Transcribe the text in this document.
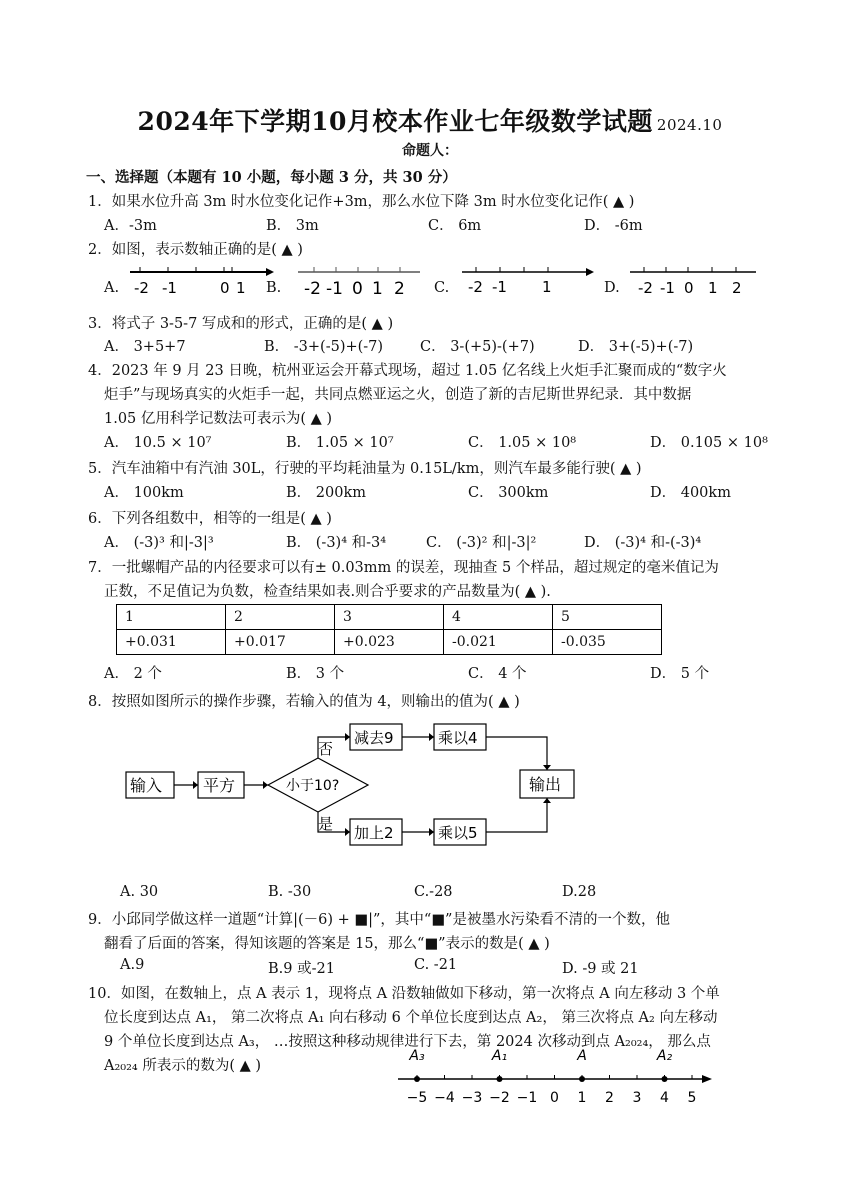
2024年下学期10月校本作业七年级数学试题 2024.10
命题人：
一、选择题（本题有 10 小题，每小题 3 分，共 30 分）
1．如果水位升高 3m 时水位变化记作+3m，那么水位下降 3m 时水位变化记作( ▲ )
A．-3m	B． 3m	C． 6m	D． -6m
2．如图，表示数轴正确的是( ▲ )
A.	B.	C.	D.
-2 -1	0 1	-2 -1 0 1 2	-2 -1 1	-2 -1 0 1 2
3．将式子 3-5-7 写成和的形式，正确的是( ▲ )
A． 3+5+7	B． -3+(-5)+(-7)	C． 3-(+5)-(+7)	D． 3+(-5)+(-7)
4．2023 年 9 月 23 日晚，杭州亚运会开幕式现场，超过 1.05 亿名线上火炬手汇聚而成的“数字火
炬手”与现场真实的火炬手一起，共同点燃亚运之火，创造了新的吉尼斯世界纪录．其中数据
1.05 亿用科学记数法可表示为( ▲ )
A． 10.5 × 10⁷	B． 1.05 × 10⁷	C． 1.05 × 10⁸	D． 0.105 × 10⁸
5．汽车油箱中有汽油 30L，行驶的平均耗油量为 0.15L/km，则汽车最多能行驶( ▲ )
A． 100km	B． 200km	C． 300km	D． 400km
6．下列各组数中，相等的一组是( ▲ )
A． (-3)³ 和|-3|³	B． (-3)⁴ 和-3⁴	C． (-3)² 和|-3|²	D． (-3)⁴ 和-(-3)⁴
7．一批螺帽产品的内径要求可以有± 0.03mm 的误差，现抽查 5 个样品，超过规定的毫米值记为
正数，不足值记为负数，检查结果如表.则合乎要求的产品数量为( ▲ ).
1	2	3	4	5
+0.031	+0.017	+0.023	-0.021	-0.035
A． 2 个	B． 3 个	C． 4 个	D． 5 个
8．按照如图所示的操作步骤，若输入的值为 4，则输出的值为( ▲ )
输入	平方	小于10?
否
是
减去9	乘以4
加上2	乘以5
输出
A. 30	B. -30	C.-28	D.28
9．小邱同学做这样一道题“计算|(－6) + ■|”，其中“■”是被墨水污染看不清的一个数，他
翻看了后面的答案，得知该题的答案是 15，那么“■”表示的数是( ▲ )
A.9	B.9 或-21	C. -21	D. -9 或 21
10．如图，在数轴上，点 A 表示 1，现将点 A 沿数轴做如下移动，第一次将点 A 向左移动 3 个单
位长度到达点 A₁， 第二次将点 A₁ 向右移动 6 个单位长度到达点 A₂， 第三次将点 A₂ 向左移动
9 个单位长度到达点 A₃， …按照这种移动规律进行下去，第 2024 次移动到点 A₂₀₂₄， 那么点
A₂₀₂₄ 所表示的数为( ▲ )
−5 −4 −3 −2 −1 0 1 2 3 4 5
A₃	A₁	A	A₂
